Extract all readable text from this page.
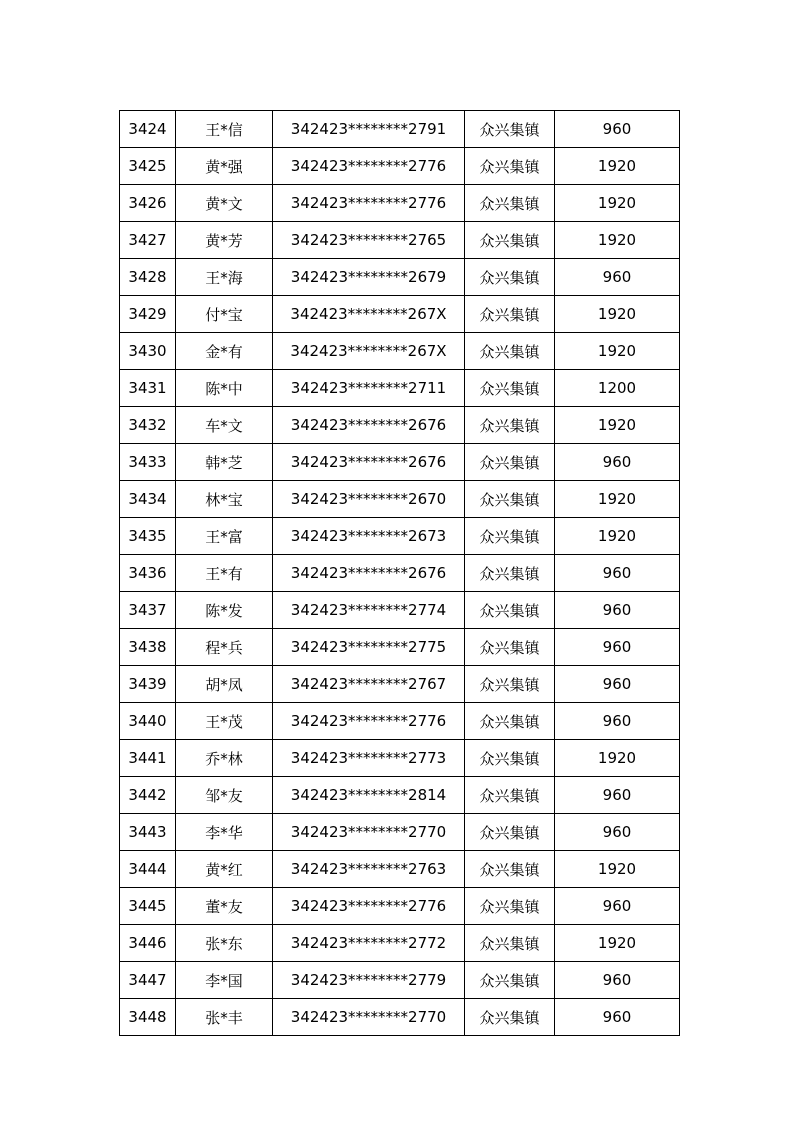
3424	王*信	342423********2791	众兴集镇	960
3425	黄*强	342423********2776	众兴集镇	1920
3426	黄*文	342423********2776	众兴集镇	1920
3427	黄*芳	342423********2765	众兴集镇	1920
3428	王*海	342423********2679	众兴集镇	960
3429	付*宝	342423********267X	众兴集镇	1920
3430	金*有	342423********267X	众兴集镇	1920
3431	陈*中	342423********2711	众兴集镇	1200
3432	车*文	342423********2676	众兴集镇	1920
3433	韩*芝	342423********2676	众兴集镇	960
3434	林*宝	342423********2670	众兴集镇	1920
3435	王*富	342423********2673	众兴集镇	1920
3436	王*有	342423********2676	众兴集镇	960
3437	陈*发	342423********2774	众兴集镇	960
3438	程*兵	342423********2775	众兴集镇	960
3439	胡*凤	342423********2767	众兴集镇	960
3440	王*茂	342423********2776	众兴集镇	960
3441	乔*林	342423********2773	众兴集镇	1920
3442	邹*友	342423********2814	众兴集镇	960
3443	李*华	342423********2770	众兴集镇	960
3444	黄*红	342423********2763	众兴集镇	1920
3445	董*友	342423********2776	众兴集镇	960
3446	张*东	342423********2772	众兴集镇	1920
3447	李*国	342423********2779	众兴集镇	960
3448	张*丰	342423********2770	众兴集镇	960
